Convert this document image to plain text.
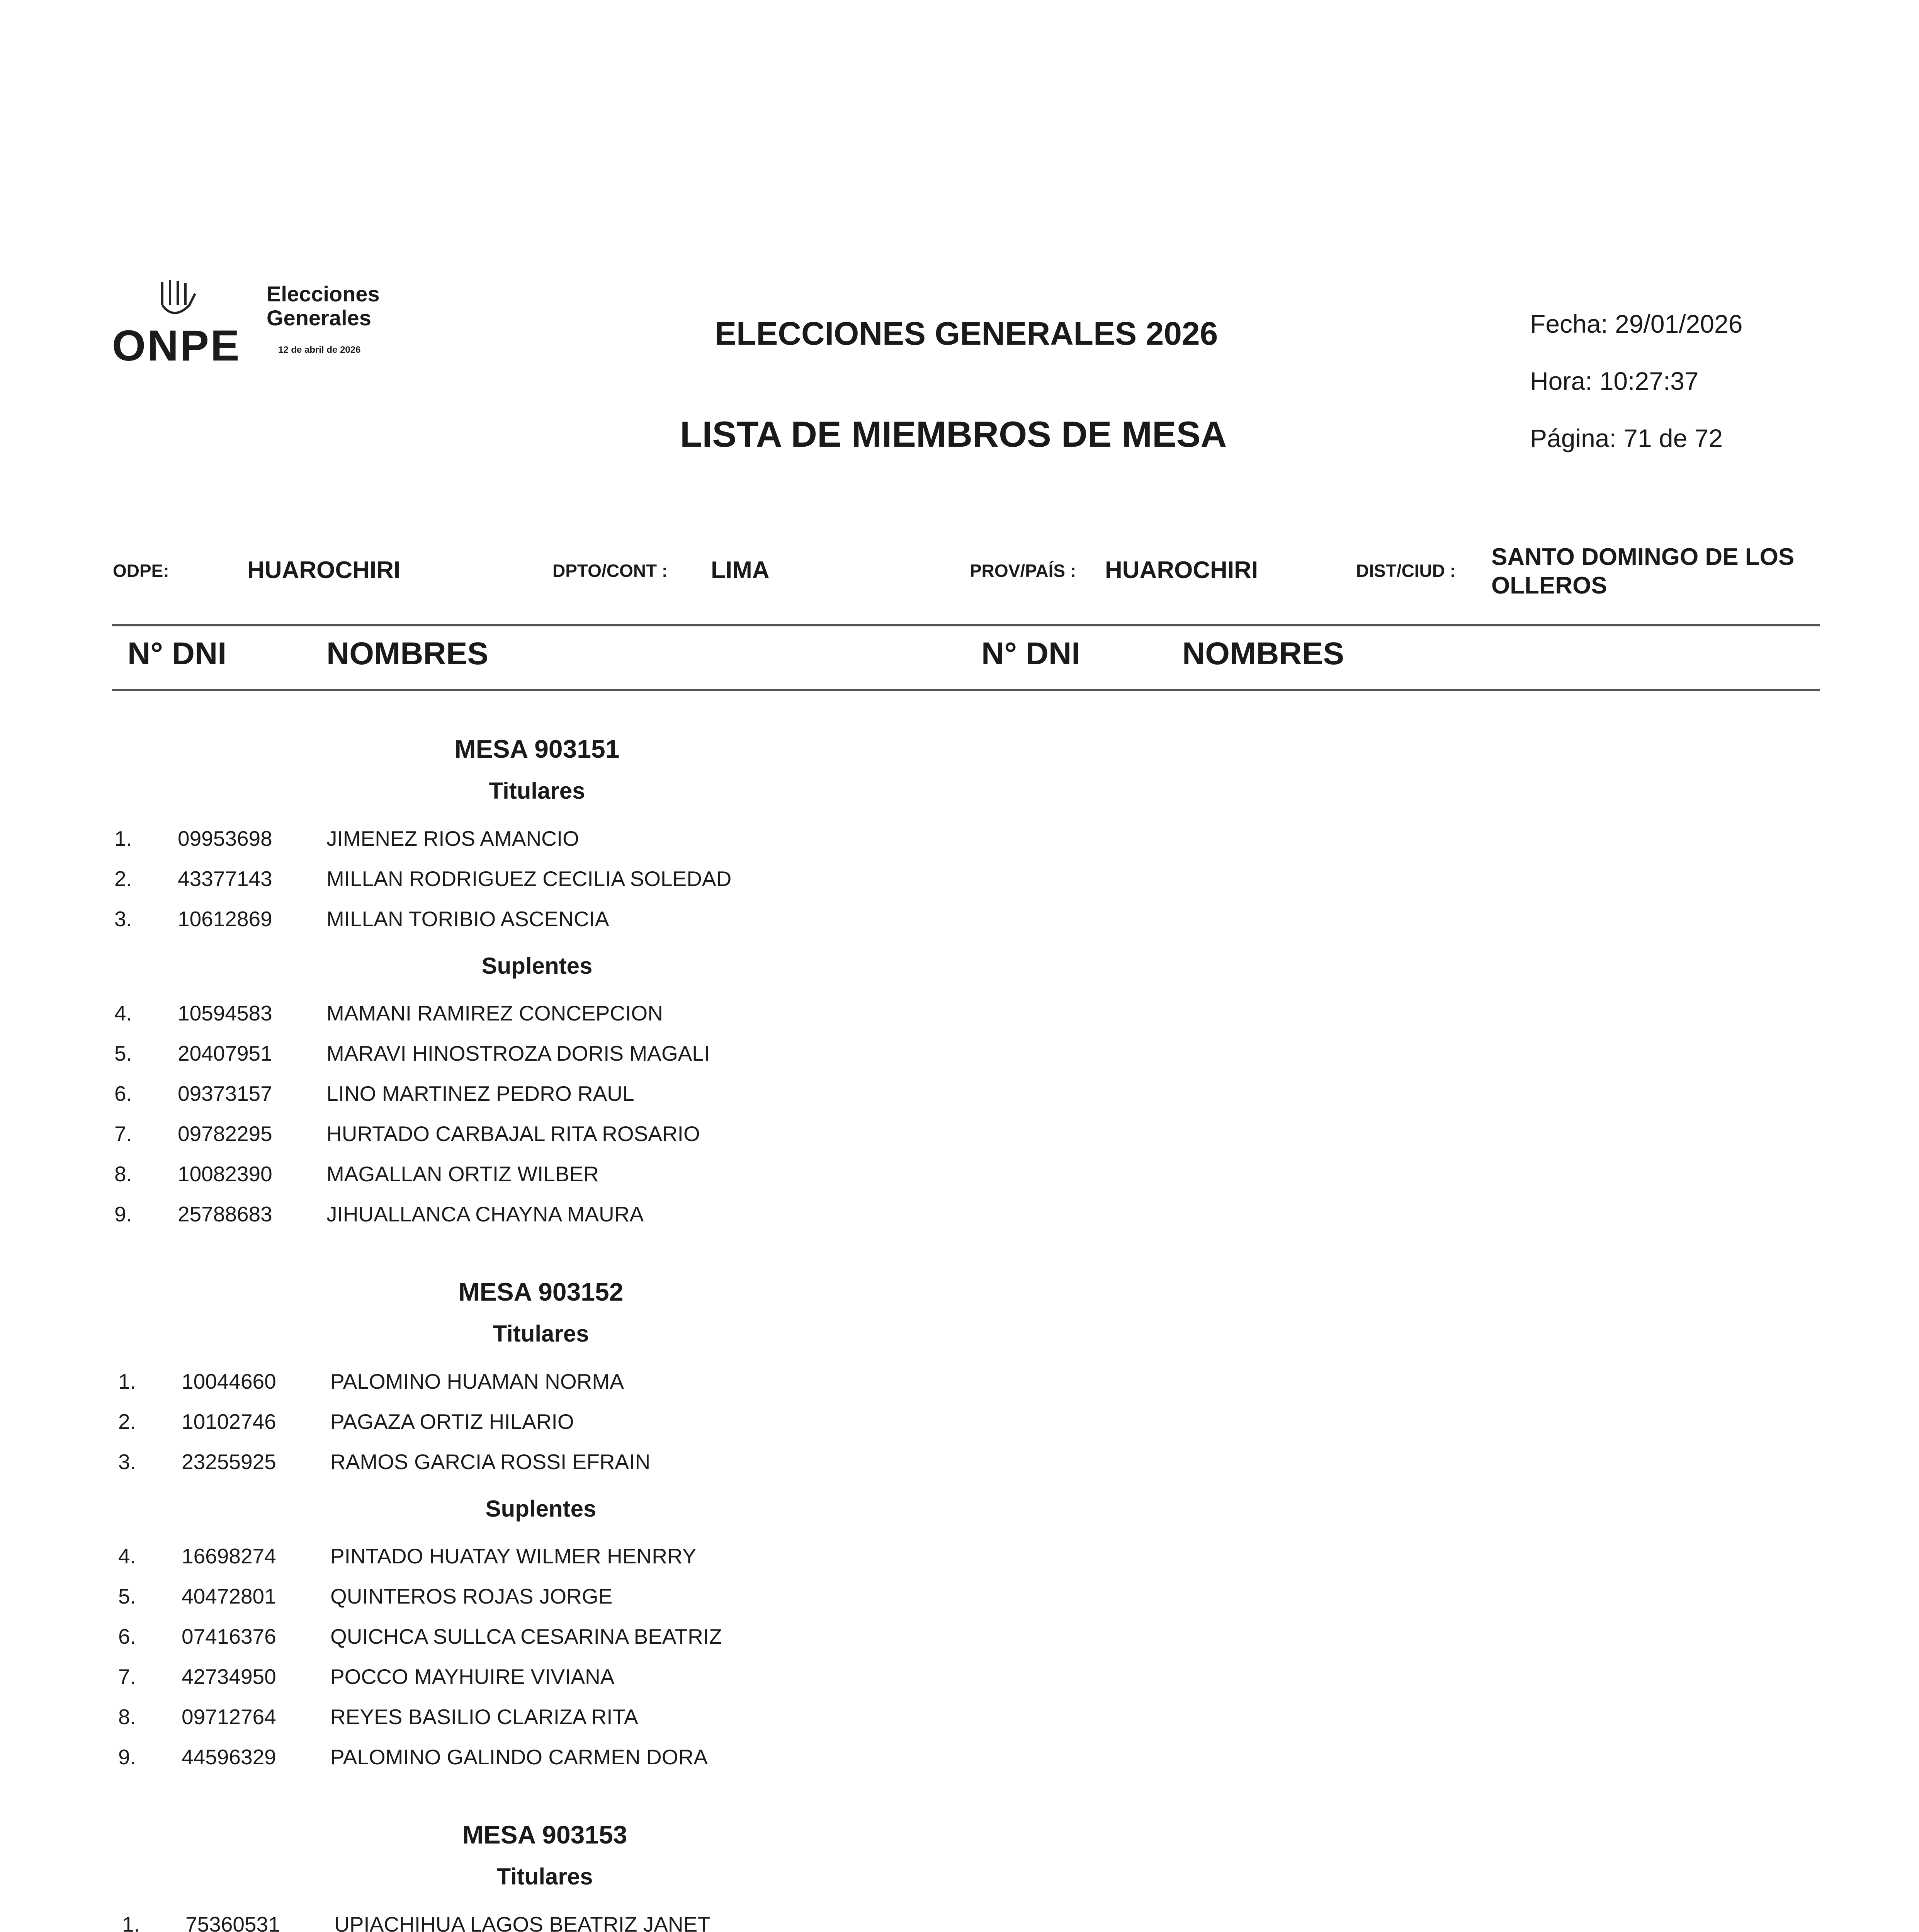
ONPE
Elecciones
Generales
12 de abril de 2026	ELECCIONES GENERALES 2026
LISTA DE MIEMBROS DE MESA
Fecha: 29/01/2026
Hora: 10:27:37
Página: 71 de 72
ODPE:	HUAROCHIRI	DPTO/CONT : LIMA	PROV/PAÍS : HUAROCHIRI	DIST/CIUD :
SANTO DOMINGO DE LOS
OLLEROS
N° DNI	NOMBRES	N° DNI	NOMBRES
MESA 903151
Titulares
1. 09953698	JIMENEZ RIOS AMANCIO
2. 43377143	MILLAN RODRIGUEZ CECILIA SOLEDAD
3. 10612869	MILLAN TORIBIO ASCENCIA
Suplentes
4. 10594583	MAMANI RAMIREZ CONCEPCION
5. 20407951	MARAVI HINOSTROZA DORIS MAGALI
6. 09373157	LINO MARTINEZ PEDRO RAUL
7. 09782295	HURTADO CARBAJAL RITA ROSARIO
8. 10082390	MAGALLAN ORTIZ WILBER
9. 25788683	JIHUALLANCA CHAYNA MAURA
MESA 903152
Titulares
1. 10044660	PALOMINO HUAMAN NORMA
2. 10102746	PAGAZA ORTIZ HILARIO
3. 23255925	RAMOS GARCIA ROSSI EFRAIN
Suplentes
4. 16698274	PINTADO HUATAY WILMER HENRRY
5. 40472801	QUINTEROS ROJAS JORGE
6. 07416376	QUICHCA SULLCA CESARINA BEATRIZ
7. 42734950	POCCO MAYHUIRE VIVIANA
8. 09712764	REYES BASILIO CLARIZA RITA
9. 44596329	PALOMINO GALINDO CARMEN DORA
MESA 903153
Titulares
1. 75360531	UPIACHIHUA LAGOS BEATRIZ JANET
